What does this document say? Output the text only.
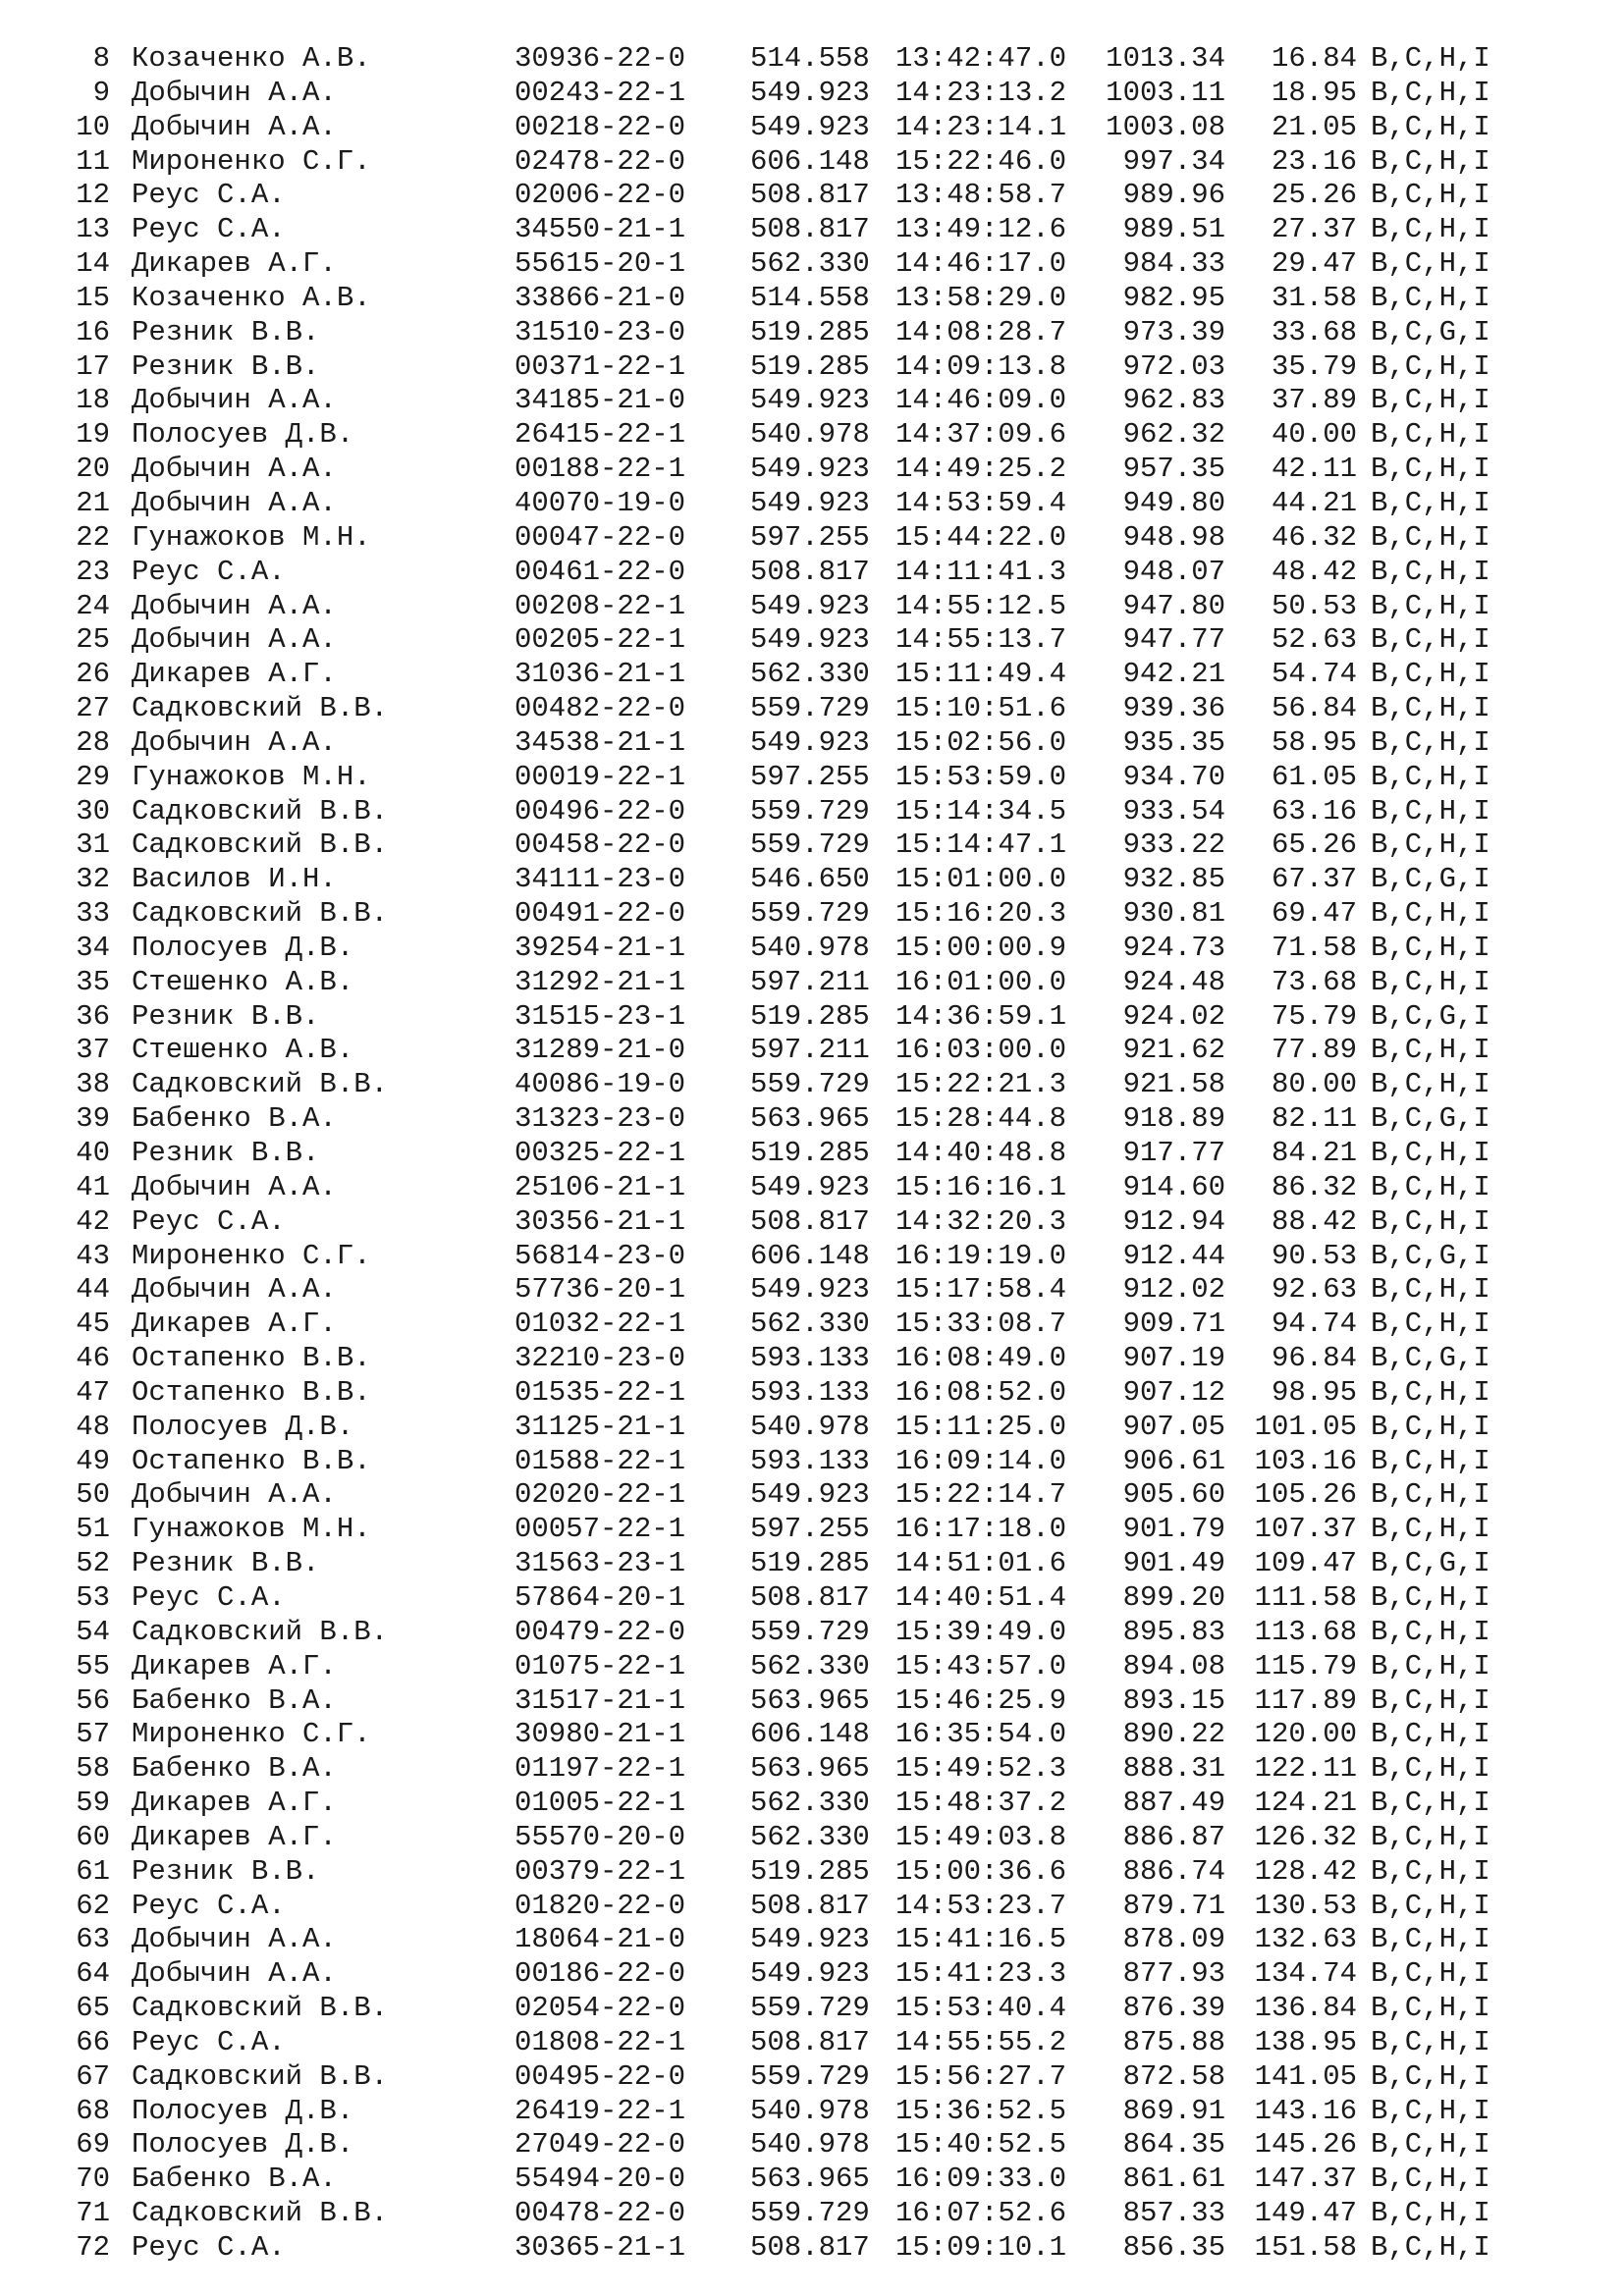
8 Козаченко А.В.	30936-22-0 514.558 13:42:47.0	1013.34	16.84 B,C,H,I
9 Добычин А.А.	00243-22-1 549.923 14:23:13.2	1003.11	18.95 B,C,H,I
10 Добычин А.А.	00218-22-0 549.923 14:23:14.1	1003.08	21.05 B,C,H,I
11 Мироненко С.Г.	02478-22-0 606.148 15:22:46.0	997.34	23.16 B,C,H,I
12 Реус С.А.	02006-22-0 508.817 13:48:58.7	989.96	25.26 B,C,H,I
13 Реус С.А.	34550-21-1 508.817 13:49:12.6	989.51	27.37 B,C,H,I
14 Дикарев А.Г.	55615-20-1 562.330 14:46:17.0	984.33	29.47 B,C,H,I
15 Козаченко А.В.	33866-21-0 514.558 13:58:29.0	982.95	31.58 B,C,H,I
16 Резник В.В.	31510-23-0 519.285 14:08:28.7	973.39	33.68 B,C,G,I
17 Резник В.В.	00371-22-1 519.285 14:09:13.8	972.03	35.79 B,C,H,I
18 Добычин А.А.	34185-21-0 549.923 14:46:09.0	962.83	37.89 B,C,H,I
19 Полосуев Д.В.	26415-22-1 540.978 14:37:09.6	962.32	40.00 B,C,H,I
20 Добычин А.А.	00188-22-1 549.923 14:49:25.2	957.35	42.11 B,C,H,I
21 Добычин А.А.	40070-19-0 549.923 14:53:59.4	949.80	44.21 B,C,H,I
22 Гунажоков М.Н.	00047-22-0 597.255 15:44:22.0	948.98	46.32 B,C,H,I
23 Реус С.А.	00461-22-0 508.817 14:11:41.3	948.07	48.42 B,C,H,I
24 Добычин А.А.	00208-22-1 549.923 14:55:12.5	947.80	50.53 B,C,H,I
25 Добычин А.А.	00205-22-1 549.923 14:55:13.7	947.77	52.63 B,C,H,I
26 Дикарев А.Г.	31036-21-1 562.330 15:11:49.4	942.21	54.74 B,C,H,I
27 Садковский В.В.	00482-22-0 559.729 15:10:51.6	939.36	56.84 B,C,H,I
28 Добычин А.А.	34538-21-1 549.923 15:02:56.0	935.35	58.95 B,C,H,I
29 Гунажоков М.Н.	00019-22-1 597.255 15:53:59.0	934.70	61.05 B,C,H,I
30 Садковский В.В.	00496-22-0 559.729 15:14:34.5	933.54	63.16 B,C,H,I
31 Садковский В.В.	00458-22-0 559.729 15:14:47.1	933.22	65.26 B,C,H,I
32 Василов И.Н.	34111-23-0 546.650 15:01:00.0	932.85	67.37 B,C,G,I
33 Садковский В.В.	00491-22-0 559.729 15:16:20.3	930.81	69.47 B,C,H,I
34 Полосуев Д.В.	39254-21-1 540.978 15:00:00.9	924.73	71.58 B,C,H,I
35 Стешенко А.В.	31292-21-1 597.211 16:01:00.0	924.48	73.68 B,C,H,I
36 Резник В.В.	31515-23-1 519.285 14:36:59.1	924.02	75.79 B,C,G,I
37 Стешенко А.В.	31289-21-0 597.211 16:03:00.0	921.62	77.89 B,C,H,I
38 Садковский В.В.	40086-19-0 559.729 15:22:21.3	921.58	80.00 B,C,H,I
39 Бабенко В.А.	31323-23-0 563.965 15:28:44.8	918.89	82.11 B,C,G,I
40 Резник В.В.	00325-22-1 519.285 14:40:48.8	917.77	84.21 B,C,H,I
41 Добычин А.А.	25106-21-1 549.923 15:16:16.1	914.60	86.32 B,C,H,I
42 Реус С.А.	30356-21-1 508.817 14:32:20.3	912.94	88.42 B,C,H,I
43 Мироненко С.Г.	56814-23-0 606.148 16:19:19.0	912.44	90.53 B,C,G,I
44 Добычин А.А.	57736-20-1 549.923 15:17:58.4	912.02	92.63 B,C,H,I
45 Дикарев А.Г.	01032-22-1 562.330 15:33:08.7	909.71	94.74 B,C,H,I
46 Остапенко В.В.	32210-23-0 593.133 16:08:49.0	907.19	96.84 B,C,G,I
47 Остапенко В.В.	01535-22-1 593.133 16:08:52.0	907.12	98.95 B,C,H,I
48 Полосуев Д.В.	31125-21-1 540.978 15:11:25.0	907.05	101.05 B,C,H,I
49 Остапенко В.В.	01588-22-1 593.133 16:09:14.0	906.61	103.16 B,C,H,I
50 Добычин А.А.	02020-22-1 549.923 15:22:14.7	905.60	105.26 B,C,H,I
51 Гунажоков М.Н.	00057-22-1 597.255 16:17:18.0	901.79	107.37 B,C,H,I
52 Резник В.В.	31563-23-1 519.285 14:51:01.6	901.49	109.47 B,C,G,I
53 Реус С.А.	57864-20-1 508.817 14:40:51.4	899.20	111.58 B,C,H,I
54 Садковский В.В.	00479-22-0 559.729 15:39:49.0	895.83	113.68 B,C,H,I
55 Дикарев А.Г.	01075-22-1 562.330 15:43:57.0	894.08	115.79 B,C,H,I
56 Бабенко В.А.	31517-21-1 563.965 15:46:25.9	893.15	117.89 B,C,H,I
57 Мироненко С.Г.	30980-21-1 606.148 16:35:54.0	890.22	120.00 B,C,H,I
58 Бабенко В.А.	01197-22-1 563.965 15:49:52.3	888.31	122.11 B,C,H,I
59 Дикарев А.Г.	01005-22-1 562.330 15:48:37.2	887.49	124.21 B,C,H,I
60 Дикарев А.Г.	55570-20-0 562.330 15:49:03.8	886.87	126.32 B,C,H,I
61 Резник В.В.	00379-22-1 519.285 15:00:36.6	886.74	128.42 B,C,H,I
62 Реус С.А.	01820-22-0 508.817 14:53:23.7	879.71	130.53 B,C,H,I
63 Добычин А.А.	18064-21-0 549.923 15:41:16.5	878.09	132.63 B,C,H,I
64 Добычин А.А.	00186-22-0 549.923 15:41:23.3	877.93	134.74 B,C,H,I
65 Садковский В.В.	02054-22-0 559.729 15:53:40.4	876.39	136.84 B,C,H,I
66 Реус С.А.	01808-22-1 508.817 14:55:55.2	875.88	138.95 B,C,H,I
67 Садковский В.В.	00495-22-0 559.729 15:56:27.7	872.58	141.05 B,C,H,I
68 Полосуев Д.В.	26419-22-1 540.978 15:36:52.5	869.91	143.16 B,C,H,I
69 Полосуев Д.В.	27049-22-0 540.978 15:40:52.5	864.35	145.26 B,C,H,I
70 Бабенко В.А.	55494-20-0 563.965 16:09:33.0	861.61	147.37 B,C,H,I
71 Садковский В.В.	00478-22-0 559.729 16:07:52.6	857.33	149.47 B,C,H,I
72 Реус С.А.	30365-21-1 508.817 15:09:10.1	856.35	151.58 B,C,H,I
